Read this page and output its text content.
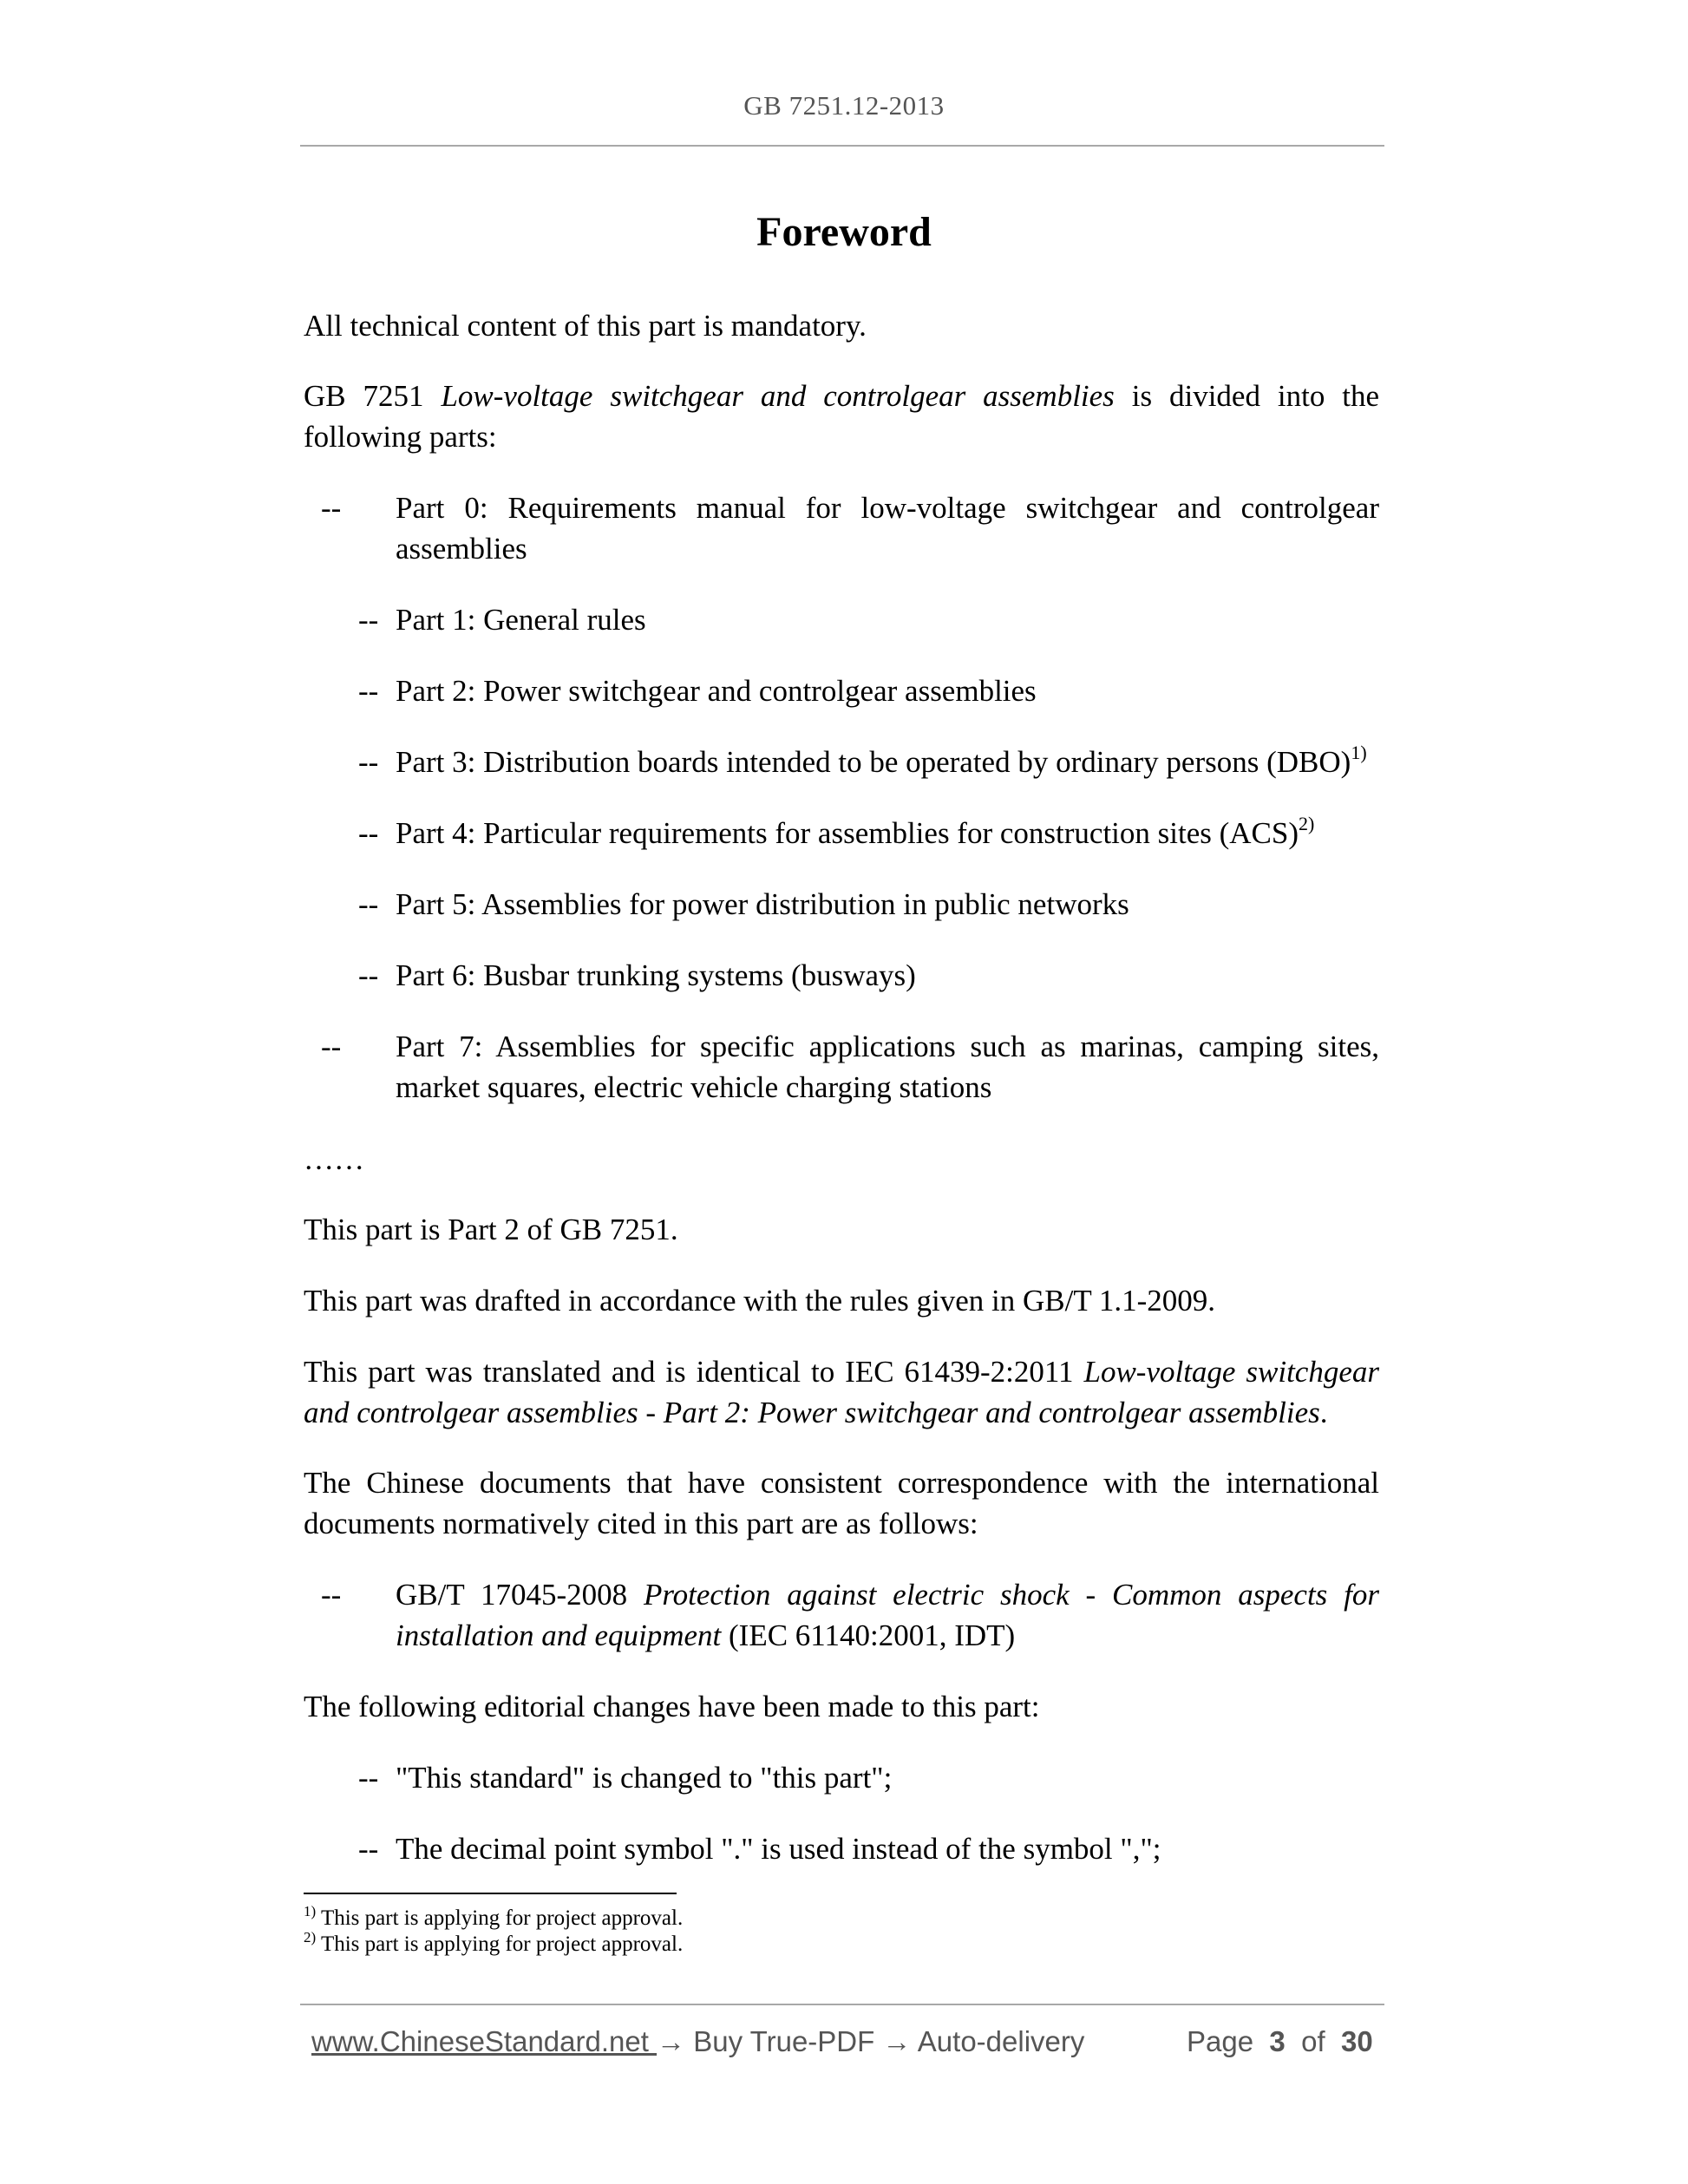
GB 7251.12-2013
Foreword

All technical content of this part is mandatory.

GB 7251 Low-voltage switchgear and controlgear assemblies is divided into the following parts:

-- Part 0: Requirements manual for low-voltage switchgear and controlgear assemblies

-- Part 1: General rules

-- Part 2: Power switchgear and controlgear assemblies

-- Part 3: Distribution boards intended to be operated by ordinary persons (DBO)$^{1)}$

-- Part 4: Particular requirements for assemblies for construction sites (ACS)$^{2)}$

-- Part 5: Assemblies for power distribution in public networks

-- Part 6: Busbar trunking systems (busways)

-- Part 7: Assemblies for specific applications such as marinas, camping sites, market squares, electric vehicle charging stations

……

This part is Part 2 of GB 7251.

This part was drafted in accordance with the rules given in GB/T 1.1-2009.

This part was translated and is identical to IEC 61439-2:2011 Low-voltage switchgear and controlgear assemblies - Part 2: Power switchgear and controlgear assemblies.

The Chinese documents that have consistent correspondence with the international documents normatively cited in this part are as follows:

-- GB/T 17045-2008 Protection against electric shock - Common aspects for installation and equipment (IEC 61140:2001, IDT)

The following editorial changes have been made to this part:

-- "This standard" is changed to "this part";

-- The decimal point symbol "." is used instead of the symbol ",";

$^{1)}$ This part is applying for project approval.

$^{2)}$ This part is applying for project approval.

www.ChineseStandard.net → Buy True-PDF → Auto-delivery	Page 3 of 30
